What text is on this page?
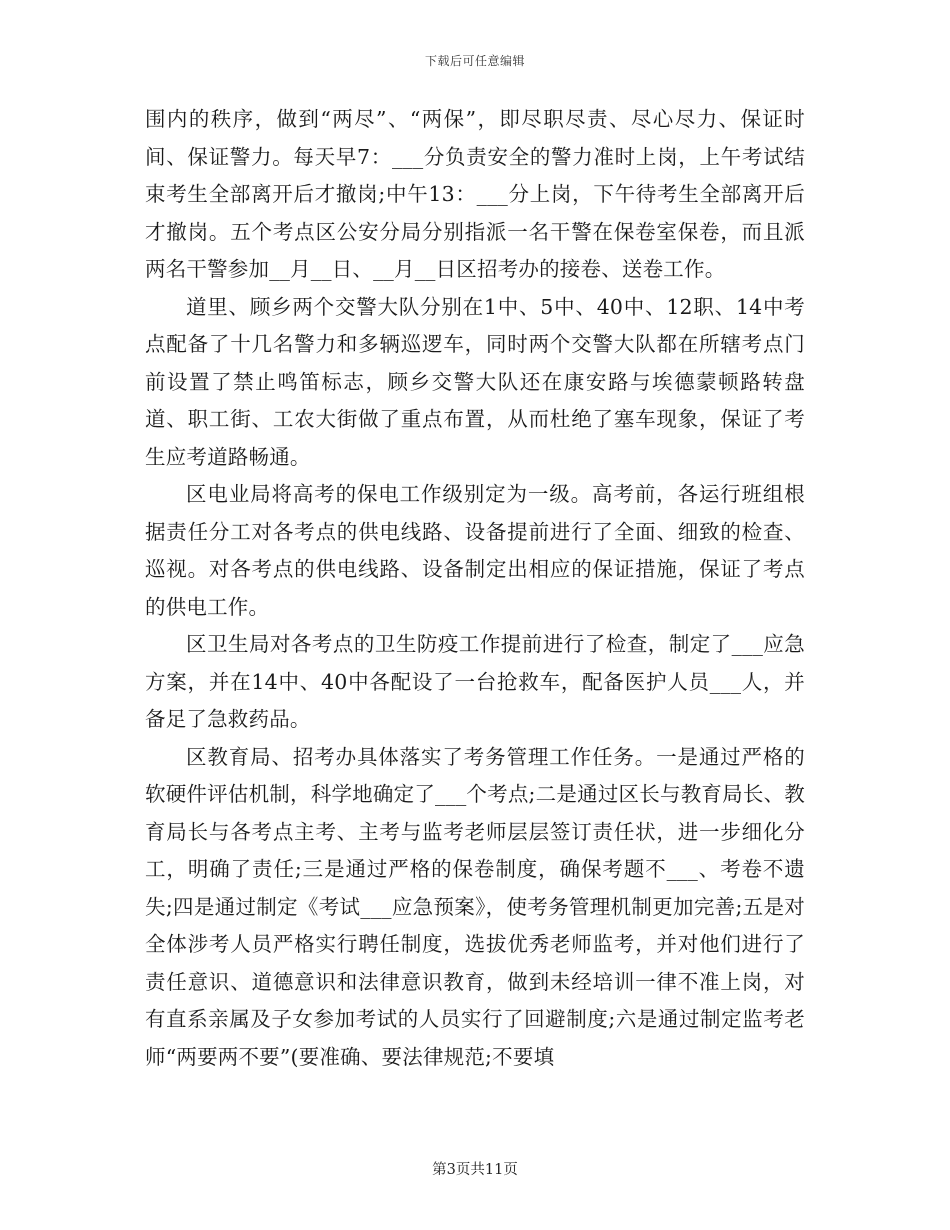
下载后可任意编辑

围内的秩序，做到“两尽”、“两保”，即尽职尽责、尽心尽力、保证时间、保证警力。每天早7：___分负责安全的警力准时上岗，上午考试结束考生全部离开后才撤岗;中午13：___分上岗，下午待考生全部离开后才撤岗。五个考点区公安分局分别指派一名干警在保卷室保卷，而且派两名干警参加__月__日、__月__日区招考办的接卷、送卷工作。

道里、顾乡两个交警大队分别在1中、5中、40中、12职、14中考点配备了十几名警力和多辆巡逻车，同时两个交警大队都在所辖考点门前设置了禁止鸣笛标志，顾乡交警大队还在康安路与埃德蒙顿路转盘道、职工街、工农大街做了重点布置，从而杜绝了塞车现象，保证了考生应考道路畅通。

区电业局将高考的保电工作级别定为一级。高考前，各运行班组根据责任分工对各考点的供电线路、设备提前进行了全面、细致的检查、巡视。对各考点的供电线路、设备制定出相应的保证措施，保证了考点的供电工作。

区卫生局对各考点的卫生防疫工作提前进行了检查，制定了___应急方案，并在14中、40中各配设了一台抢救车，配备医护人员___人，并备足了急救药品。

区教育局、招考办具体落实了考务管理工作任务。一是通过严格的软硬件评估机制，科学地确定了___个考点;二是通过区长与教育局长、教育局长与各考点主考、主考与监考老师层层签订责任状，进一步细化分工，明确了责任;三是通过严格的保卷制度，确保考题不___、考卷不遗失;四是通过制定《考试___应急预案》，使考务管理机制更加完善;五是对全体涉考人员严格实行聘任制度，选拔优秀老师监考，并对他们进行了责任意识、道德意识和法律意识教育，做到未经培训一律不准上岗，对有直系亲属及子女参加考试的人员实行了回避制度;六是通过制定监考老师“两要两不要”(要准确、要法律规范;不要填

第3页共11页
